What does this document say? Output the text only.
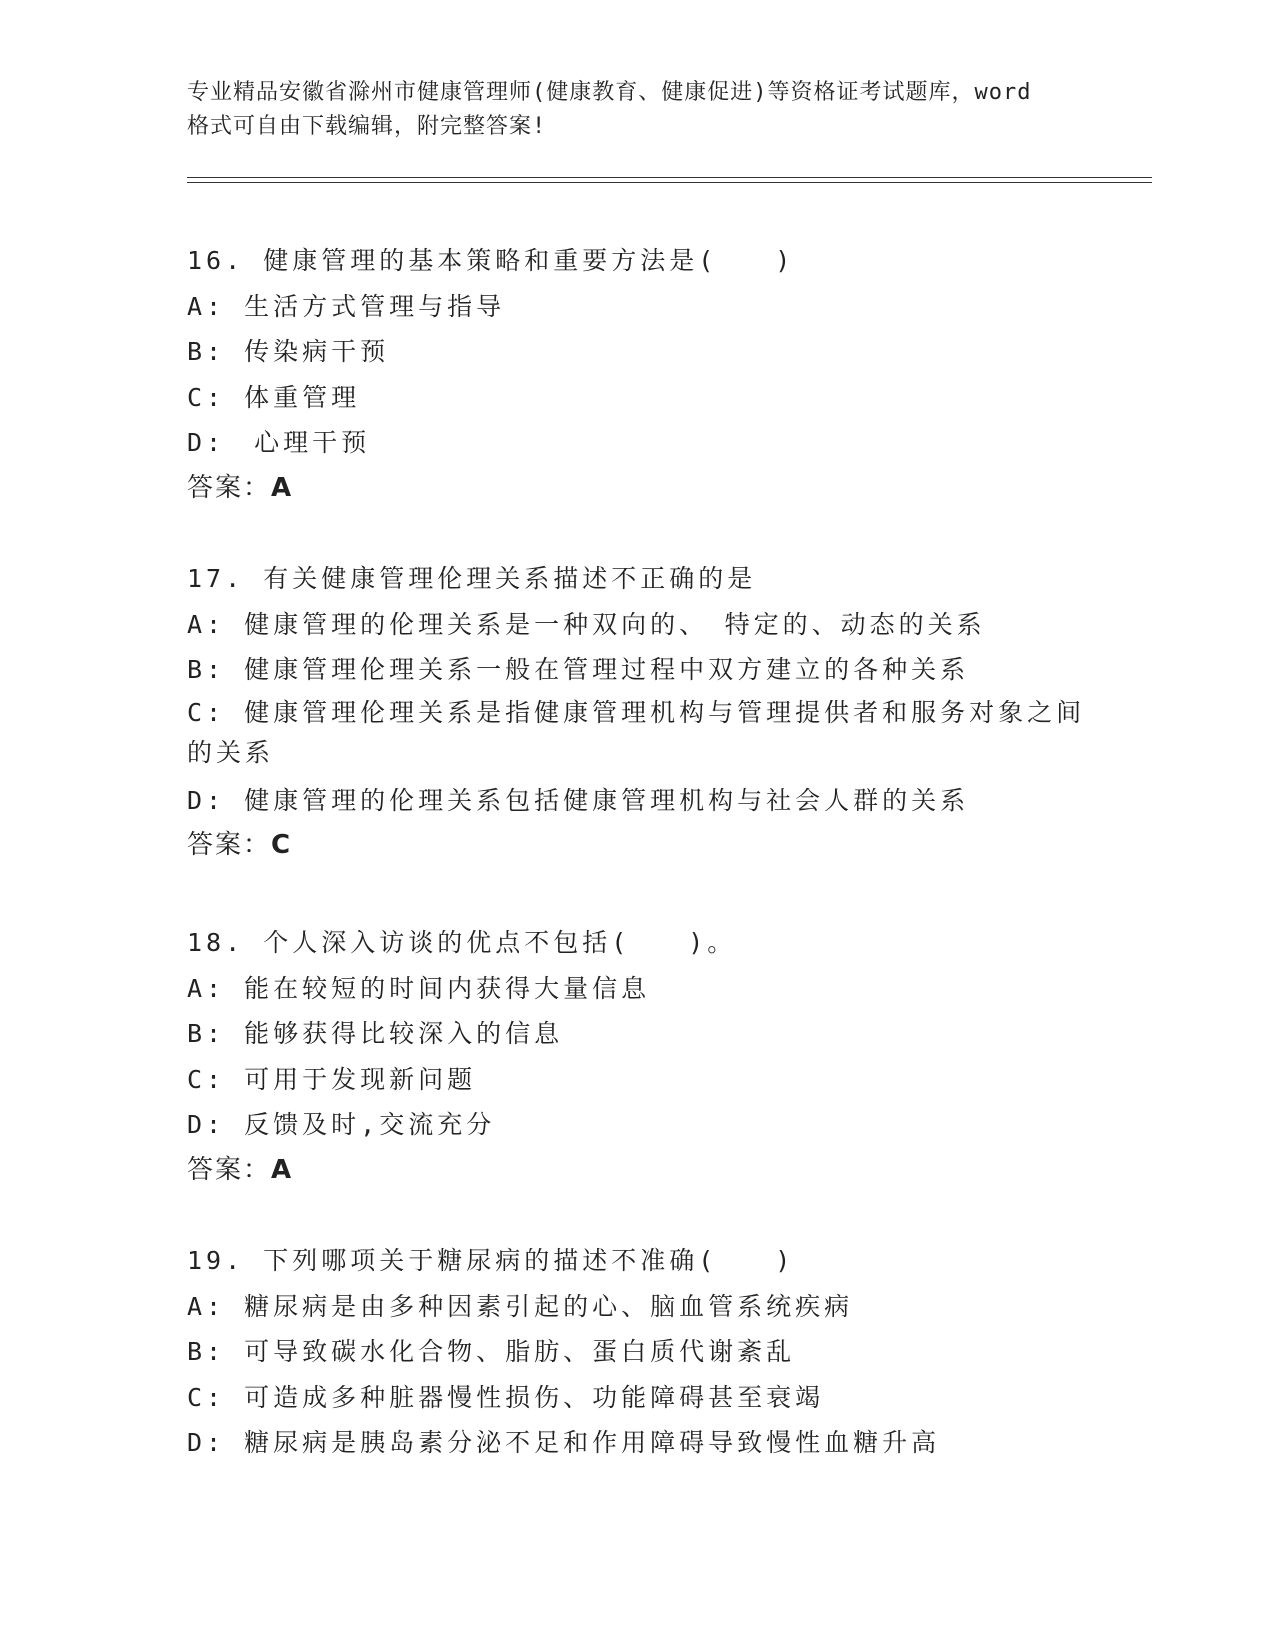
专业精品安徽省滁州市健康管理师(健康教育、健康促进)等资格证考试题库，word
格式可自由下载编辑，附完整答案!
16. 健康管理的基本策略和重要方法是(　　)
A: 生活方式管理与指导
B: 传染病干预
C: 体重管理
D:　心理干预
答案：A
17. 有关健康管理伦理关系描述不正确的是
A: 健康管理的伦理关系是一种双向的、　特定的、动态的关系
B: 健康管理伦理关系一般在管理过程中双方建立的各种关系
C: 健康管理伦理关系是指健康管理机构与管理提供者和服务对象之间的关系
D: 健康管理的伦理关系包括健康管理机构与社会人群的关系
答案：C
18. 个人深入访谈的优点不包括(　　)。
A: 能在较短的时间内获得大量信息
B: 能够获得比较深入的信息
C: 可用于发现新问题
D: 反馈及时,交流充分
答案：A
19. 下列哪项关于糖尿病的描述不准确(　　)
A: 糖尿病是由多种因素引起的心、脑血管系统疾病
B: 可导致碳水化合物、脂肪、蛋白质代谢紊乱
C: 可造成多种脏器慢性损伤、功能障碍甚至衰竭
D: 糖尿病是胰岛素分泌不足和作用障碍导致慢性血糖升高
